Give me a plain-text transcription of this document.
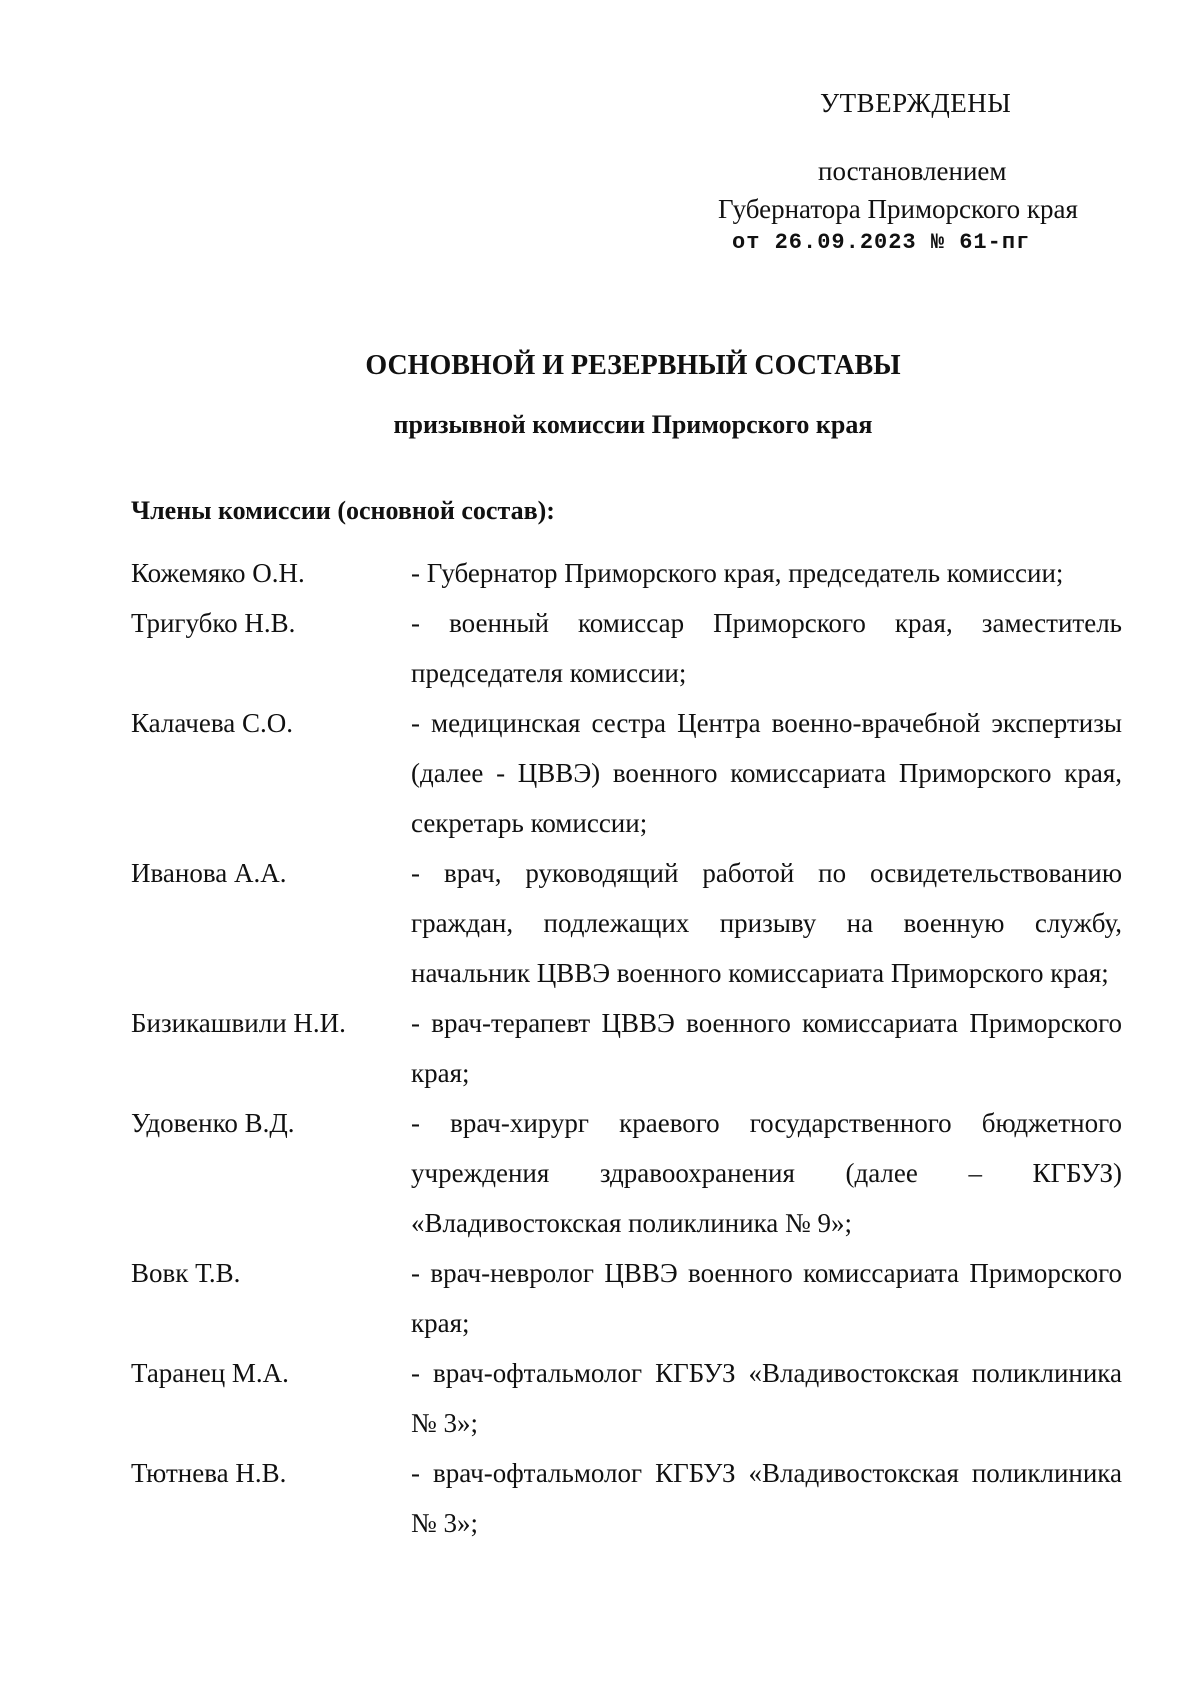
УТВЕРЖДЕНЫ
постановлением
Губернатора Приморского края
от 26.09.2023 № 61-пг
ОСНОВНОЙ И РЕЗЕРВНЫЙ СОСТАВЫ
призывной комиссии Приморского края
Члены комиссии (основной состав):
Кожемяко О.Н.	- Губернатор Приморского края, председатель комиссии;
Тригубко Н.В.	- военный комиссар Приморского края, заместитель председателя комиссии;
Калачева С.О.	- медицинская сестра Центра военно-врачебной экспертизы (далее - ЦВВЭ) военного комиссариата Приморского края, секретарь комиссии;
Иванова А.А.	- врач, руководящий работой по освидетельствованию граждан, подлежащих призыву на военную службу, начальник ЦВВЭ военного комиссариата Приморского края;
Бизикашвили Н.И.	- врач-терапевт ЦВВЭ военного комиссариата Приморского края;
Удовенко В.Д.	- врач-хирург краевого государственного бюджетного учреждения здравоохранения (далее – КГБУЗ) «Владивостокская поликлиника № 9»;
Вовк Т.В.	- врач-невролог ЦВВЭ военного комиссариата Приморского края;
Таранец М.А.	- врач-офтальмолог КГБУЗ «Владивостокская поликлиника № 3»;
Тютнева Н.В.	- врач-офтальмолог КГБУЗ «Владивостокская поликлиника № 3»;
